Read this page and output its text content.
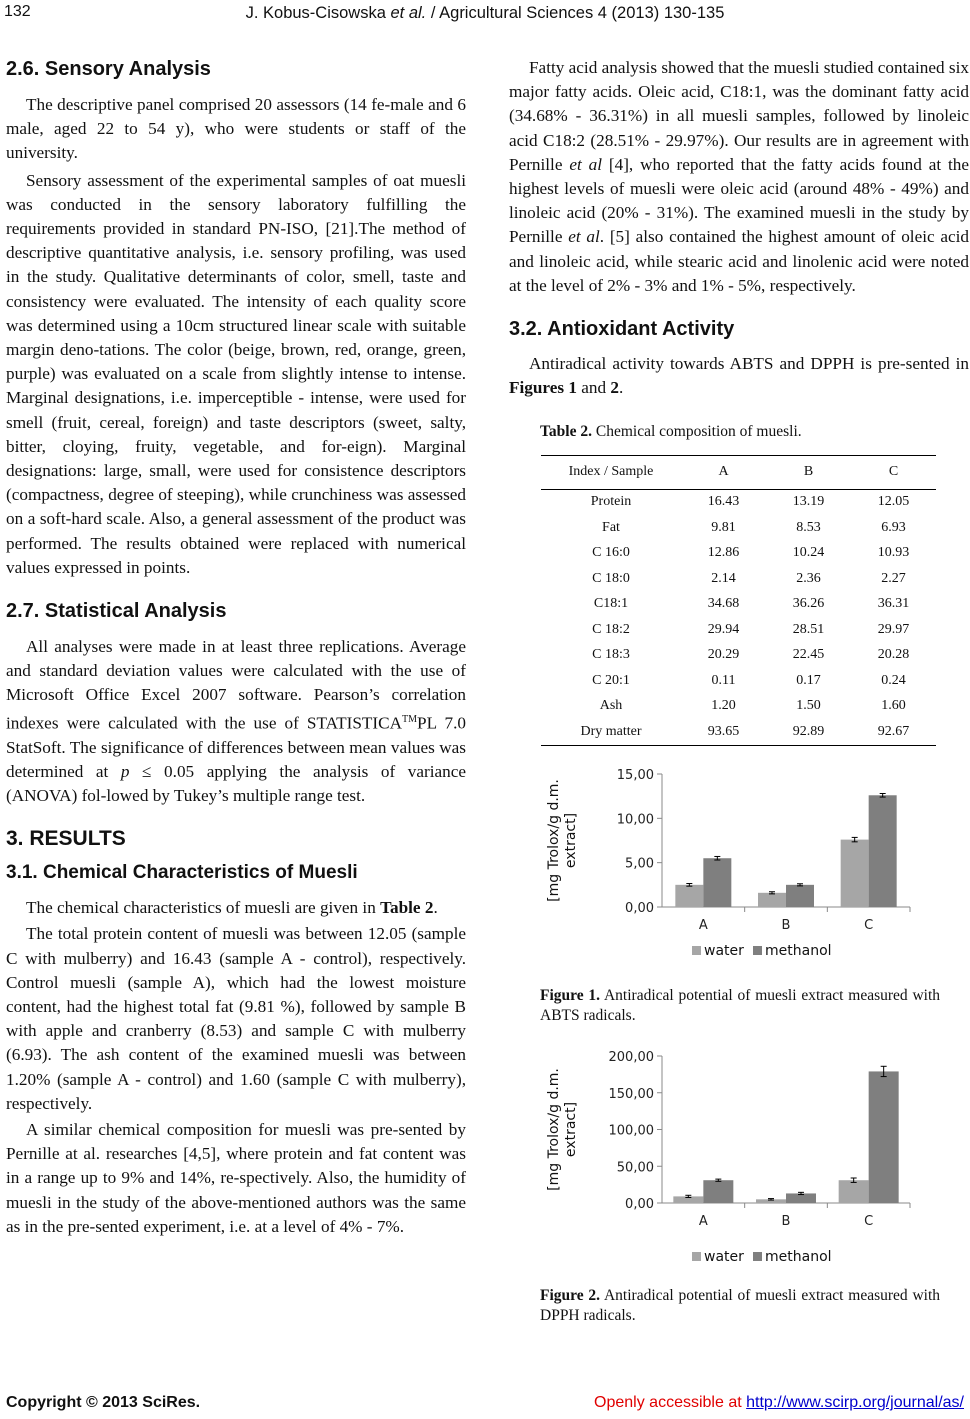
132	J. Kobus-Cisowska et al. / Agricultural Sciences 4 (2013) 130-135
2.6. Sensory Analysis

The descriptive panel comprised 20 assessors (14 fe-male and 6 male, aged 22 to 54 y), who were students or staff of the university.

Sensory assessment of the experimental samples of oat muesli was conducted in the sensory laboratory fulfilling the requirements provided in standard PN-ISO, [21].The method of descriptive quantitative analysis, i.e. sensory profiling, was used in the study. Qualitative determinants of color, smell, taste and consistency were evaluated. The intensity of each quality score was determined using a 10cm structured linear scale with suitable margin deno-tations. The color (beige, brown, red, orange, green, purple) was evaluated on a scale from slightly intense to intense. Marginal designations, i.e. imperceptible - intense, were used for smell (fruit, cereal, foreign) and taste descriptors (sweet, salty, bitter, cloying, fruity, vegetable, and for-eign). Marginal designations: large, small, were used for consistence descriptors (compactness, degree of steeping), while crunchiness was assessed on a soft-hard scale. Also, a general assessment of the product was performed. The results obtained were replaced with numerical values expressed in points.

2.7. Statistical Analysis

All analyses were made in at least three replications. Average and standard deviation values were calculated with the use of Microsoft Office Excel 2007 software. Pearson’s correlation indexes were calculated with the use of STATISTICA™PL 7.0 StatSoft. The significance of differences between mean values was determined at p ≤ 0.05 applying the analysis of variance (ANOVA) fol-lowed by Tukey’s multiple range test.

3. RESULTS
3.1. Chemical Characteristics of Muesli

The chemical characteristics of muesli are given in Table 2.

The total protein content of muesli was between 12.05 (sample C with mulberry) and 16.43 (sample A - control), respectively. Control muesli (sample A), which had the lowest moisture content, had the highest total fat (9.81 %), followed by sample B with apple and cranberry (8.53) and sample C with mulberry (6.93). The ash content of the examined muesli was between 1.20% (sample A - control) and 1.60 (sample C with mulberry), respectively.

A similar chemical composition for muesli was pre-sented by Pernille at al. researches [4,5], where protein and fat content was in a range up to 9% and 14%, re-spectively. Also, the humidity of muesli in the study of the above-mentioned authors was the same as in the pre-sented experiment, i.e. at a level of 4% - 7%.

Fatty acid analysis showed that the muesli studied contained six major fatty acids. Oleic acid, C18:1, was the dominant fatty acid (34.68% - 36.31%) in all muesli samples, followed by linoleic acid C18:2 (28.51% - 29.97%). Our results are in agreement with Pernille et al [4], who reported that the fatty acids found at the highest levels of muesli were oleic acid (around 48% - 49%) and linoleic acid (20% - 31%). The examined muesli in the study by Pernille et al. [5] also contained the highest amount of oleic acid and linoleic acid, while stearic acid and linolenic acid were noted at the level of 2% - 3% and 1% - 5%, respectively.

3.2. Antioxidant Activity

Antiradical activity towards ABTS and DPPH is pre-sented in Figures 1 and 2.

Table 2. Chemical composition of muesli.
Index / Sample	A	B	C
Protein	16.43	13.19	12.05
Fat	9.81	8.53	6.93
C 16:0	12.86	10.24	10.93
C 18:0	2.14	2.36	2.27
C18:1	34.68	36.26	36.31
C 18:2	29.94	28.51	29.97
C 18:3	20.29	22.45	20.28
C 20:1	0.11	0.17	0.24
Ash	1.20	1.50	1.60
Dry matter	93.65	92.89	92.67
0,00
5,00
10,00
15,00
[mg Trolox/g d.m.extract]
A	B	C
water methanol
Figure 1. Antiradical potential of muesli extract measured with ABTS radicals.
0,00
50,00
100,00
150,00
200,00
[mg Trolox/g d.m.extract]
A	B	C
water methanol
Figure 2. Antiradical potential of muesli extract measured with DPPH radicals.
Copyright © 2013 SciRes.	Openly accessible at http://www.scirp.org/journal/as/
